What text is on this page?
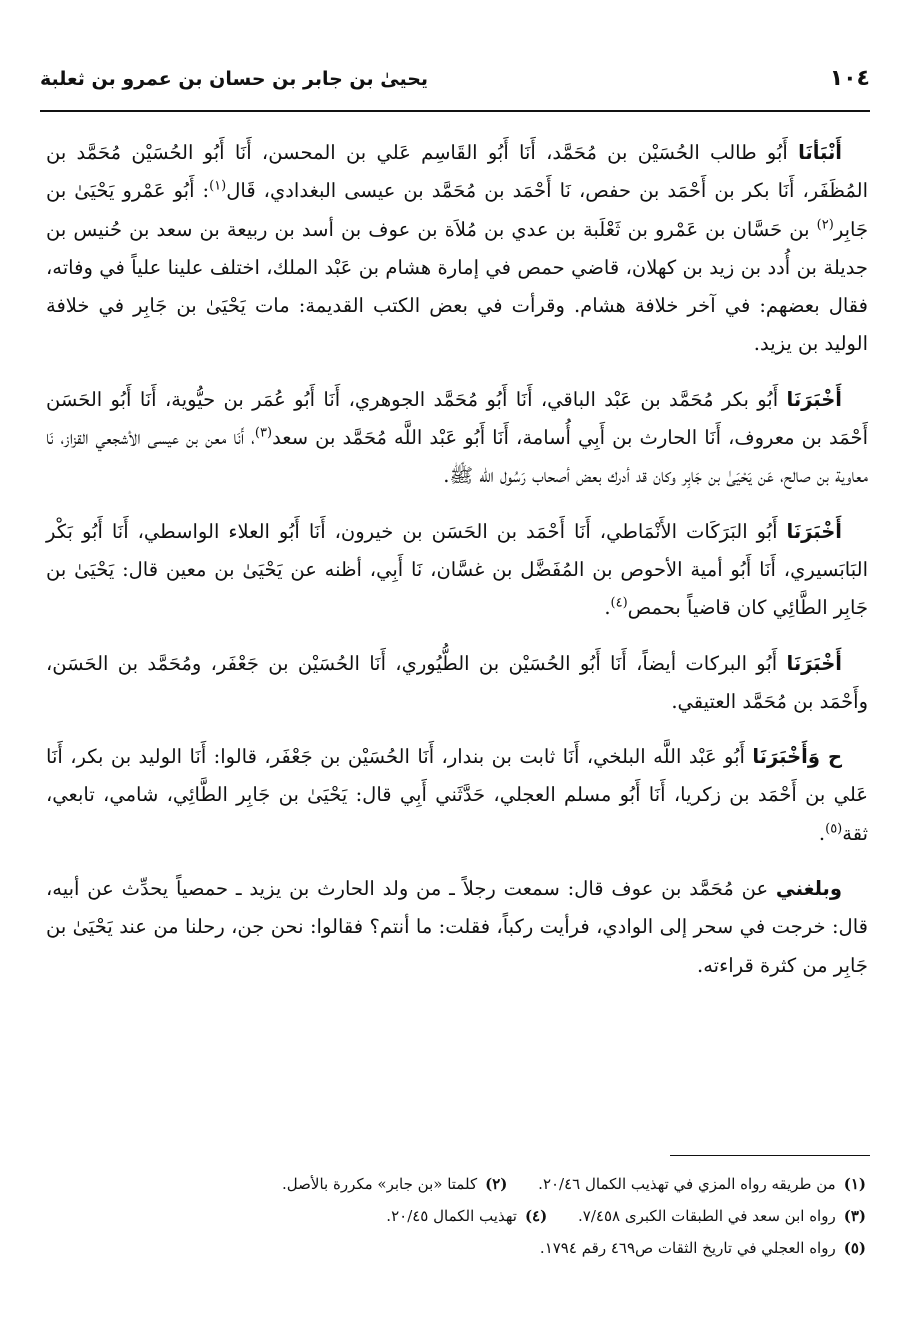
١٠٤
يحيىٰ بن جابر بن حسان بن عمرو بن ثعلبة

أَنْبَأنَا أَبُو طالب الحُسَيْن بن مُحَمَّد، أَنَا أَبُو القَاسِم عَلي بن المحسن، أَنَا أَبُو الحُسَيْن مُحَمَّد بن المُظَفَر، أَنَا بكر بن أَحْمَد بن حفص، نَا أَحْمَد بن مُحَمَّد بن عيسى البغدادي، قَال$^{(١)}$: أَبُو عَمْرو يَحْيَىٰ بن جَابِر$^{(٢)}$ بن حَسَّان بن عَمْرو بن ثَعْلَبة بن عدي بن مُلاَة بن عوف بن أسد بن ربيعة بن سعد بن حُنيس بن جديلة بن أُدد بن زيد بن كهلان، قاضي حمص في إمارة هشام بن عَبْد الملك، اختلف علينا علياً في وفاته، فقال بعضهم: في آخر خلافة هشام. وقرأت في بعض الكتب القديمة: مات يَحْيَىٰ بن جَابِر في خلافة الوليد بن يزيد.

أَخْبَرَنَا أَبُو بكر مُحَمَّد بن عَبْد الباقي، أَنَا أَبُو مُحَمَّد الجوهري، أَنَا أَبُو عُمَر بن حيُّوية، أَنَا أَبُو الحَسَن أَحْمَد بن معروف، أَنَا الحارث بن أَبِي أُسامة، أَنَا أَبُو عَبْد اللَّه مُحَمَّد بن سعد$^{(٣)}$، أَنَا معن بن عيسى الأشجعي القزاز، نَا معاوية بن صالح، عَن يَحْيَىٰ بن جَابِر وكان قد أدرك بعض أصحاب رَسُول الله ﷺ.

أَخْبَرَنَا أَبُو البَرَكَات الأَنْمَاطي، أَنَا أَحْمَد بن الحَسَن بن خيرون، أَنَا أَبُو العلاء الواسطي، أَنَا أَبُو بَكْر البَابَسيري، أَنَا أَبُو أمية الأحوص بن المُفَضَّل بن غسَّان، نَا أَبِي، أظنه عن يَحْيَىٰ بن معين قال: يَحْيَىٰ بن جَابِر الطَّائِي كان قاضياً بحمص$^{(٤)}$.

أَخْبَرَنَا أَبُو البركات أيضاً، أَنَا أَبُو الحُسَيْن بن الطُّيُوري، أَنَا الحُسَيْن بن جَعْفَر، ومُحَمَّد بن الحَسَن، وأَحْمَد بن مُحَمَّد العتيقي.

ح وَأَخْبَرَنَا أَبُو عَبْد اللَّه البلخي، أَنَا ثابت بن بندار، أَنَا الحُسَيْن بن جَعْفَر، قالوا: أَنَا الوليد بن بكر، أَنَا عَلي بن أَحْمَد بن زكريا، أَنَا أَبُو مسلم العجلي، حَدَّثَني أَبِي قال: يَحْيَىٰ بن جَابِر الطَّائِي، شامي، تابعي، ثقة$^{(٥)}$.

وبلغني عن مُحَمَّد بن عوف قال: سمعت رجلاً ـ من ولد الحارث بن يزيد ـ حمصياً يحدِّث عن أبيه، قال: خرجت في سحر إلى الوادي، فرأيت ركباً، فقلت: ما أنتم؟ فقالوا: نحن جن، رحلنا من عند يَحْيَىٰ بن جَابِر من كثرة قراءته.

(١)من طريقه رواه المزي في تهذيب الكمال ٢٠/٤٦. (٢)كلمتا «بن جابر» مكررة بالأصل.
(٣)رواه ابن سعد في الطبقات الكبرى ٧/٤٥٨. (٤)تهذيب الكمال ٢٠/٤٥.
(٥)رواه العجلي في تاريخ الثقات ص٤٦٩ رقم ١٧٩٤.
